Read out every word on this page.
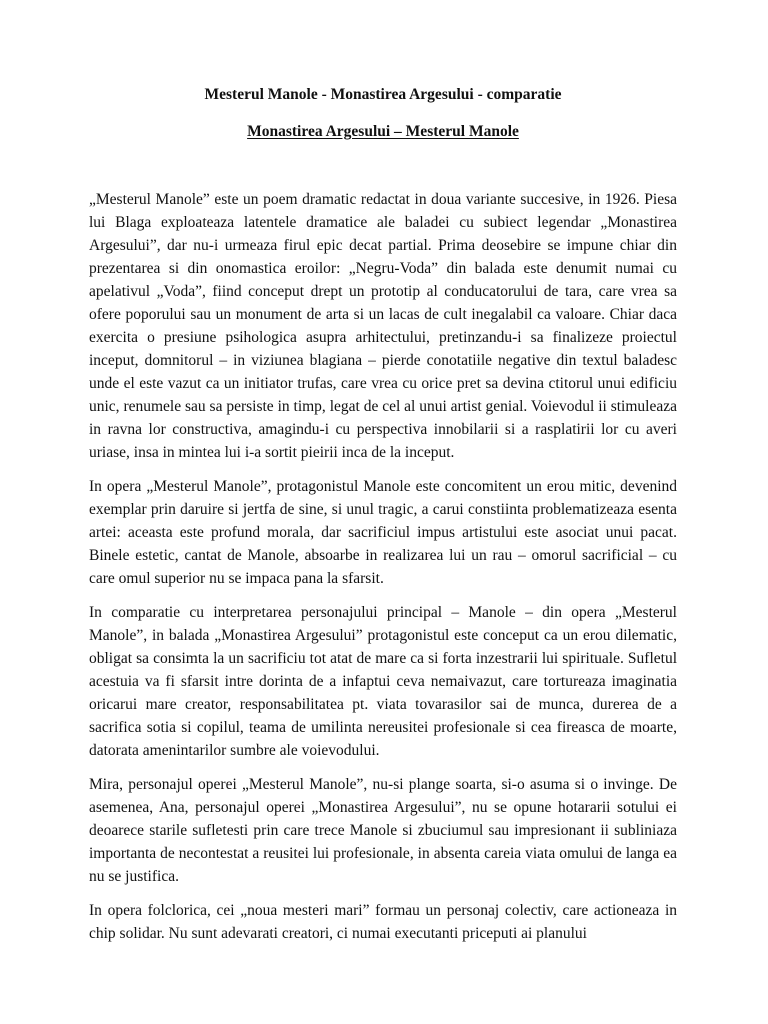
Mesterul Manole - Monastirea Argesului - comparatie
Monastirea Argesului – Mesterul Manole

„Mesterul Manole” este un poem dramatic redactat in doua variante succesive, in 1926. Piesa lui Blaga exploateaza latentele dramatice ale baladei cu subiect legendar „Monastirea Argesului”, dar nu-i urmeaza firul epic decat partial. Prima deosebire se impune chiar din prezentarea si din onomastica eroilor: „Negru-Voda” din balada este denumit numai cu apelativul „Voda”, fiind conceput drept un prototip al conducatorului de tara, care vrea sa ofere poporului sau un monument de arta si un lacas de cult inegalabil ca valoare. Chiar daca exercita o presiune psihologica asupra arhitectului, pretinzandu-i sa finalizeze proiectul inceput, domnitorul – in viziunea blagiana – pierde conotatiile negative din textul baladesc unde el este vazut ca un initiator trufas, care vrea cu orice pret sa devina ctitorul unui edificiu unic, renumele sau sa persiste in timp, legat de cel al unui artist genial. Voievodul ii stimuleaza in ravna lor constructiva, amagindu-i cu perspectiva innobilarii si a rasplatirii lor cu averi uriase, insa in mintea lui i-a sortit pieirii inca de la inceput.

In opera „Mesterul Manole”, protagonistul Manole este concomitent un erou mitic, devenind exemplar prin daruire si jertfa de sine, si unul tragic, a carui constiinta problematizeaza esenta artei: aceasta este profund morala, dar sacrificiul impus artistului este asociat unui pacat. Binele estetic, cantat de Manole, absoarbe in realizarea lui un rau – omorul sacrificial – cu care omul superior nu se impaca pana la sfarsit.

In comparatie cu interpretarea personajului principal – Manole – din opera „Mesterul Manole”, in balada „Monastirea Argesului” protagonistul este conceput ca un erou dilematic, obligat sa consimta la un sacrificiu tot atat de mare ca si forta inzestrarii lui spirituale. Sufletul acestuia va fi sfarsit intre dorinta de a infaptui ceva nemaivazut, care tortureaza imaginatia oricarui mare creator, responsabilitatea pt. viata tovarasilor sai de munca, durerea de a sacrifica sotia si copilul, teama de umilinta nereusitei profesionale si cea fireasca de moarte, datorata amenintarilor sumbre ale voievodului.

Mira, personajul operei „Mesterul Manole”, nu-si plange soarta, si-o asuma si o invinge. De asemenea, Ana, personajul operei „Monastirea Argesului”, nu se opune hotararii sotului ei deoarece starile sufletesti prin care trece Manole si zbuciumul sau impresionant ii subliniaza importanta de necontestat a reusitei lui profesionale, in absenta careia viata omului de langa ea nu se justifica.

In opera folclorica, cei „noua mesteri mari” formau un personaj colectiv, care actioneaza in chip solidar. Nu sunt adevarati creatori, ci numai executanti priceputi ai planului
